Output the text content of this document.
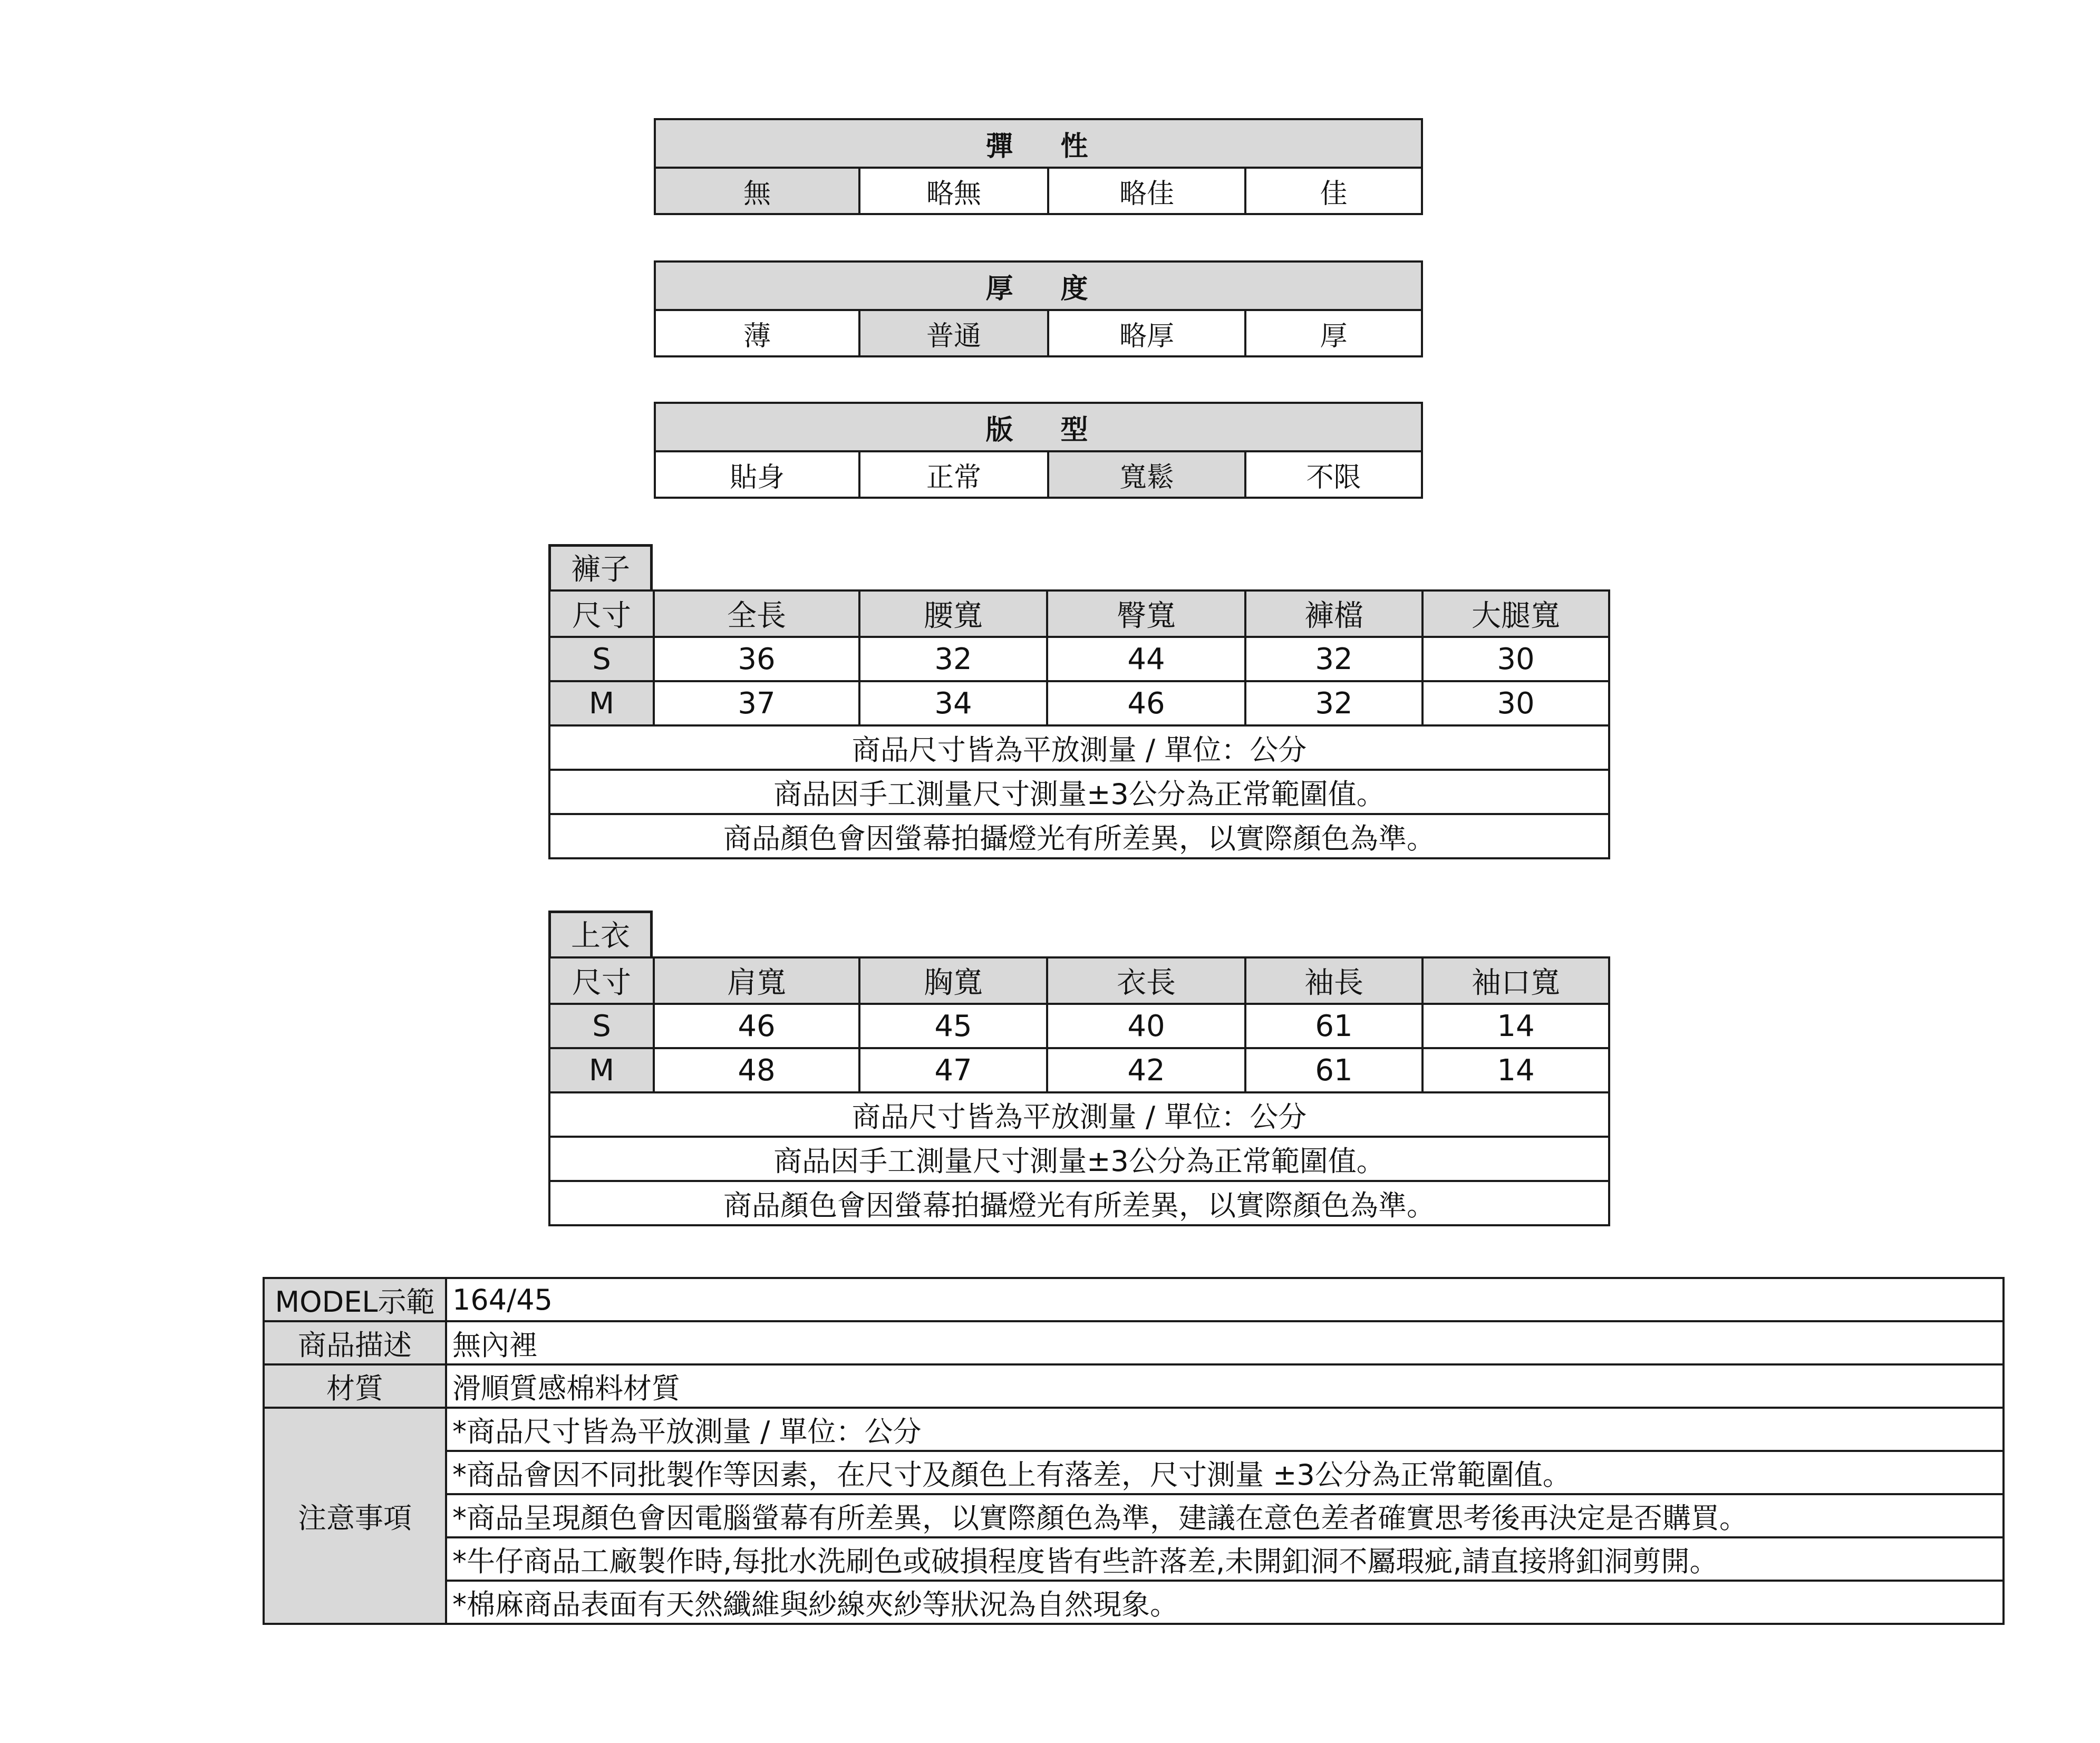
彈 性
無	略無	略佳	佳
厚 度
薄	普通	略厚	厚
版 型
貼身	正常	寬鬆	不限
褲子
尺寸	全長	腰寬	臀寬	褲檔	大腿寬
S	36	32	44	32	30
M	37	34	46	32	30
商品尺寸皆為平放測量 / 單位：公分					
商品因手工測量尺寸測量±3公分為正常範圍值。					
商品顏色會因螢幕拍攝燈光有所差異，以實際顏色為準。					
上衣
尺寸	肩寬	胸寬	衣長	袖長	袖口寬
S	46	45	40	61	14
M	48	47	42	61	14
商品尺寸皆為平放測量 / 單位：公分					
商品因手工測量尺寸測量±3公分為正常範圍值。					
商品顏色會因螢幕拍攝燈光有所差異，以實際顏色為準。					
MODEL示範	164/45
商品描述	無內裡
材質	滑順質感棉料材質
注意事項	*商品尺寸皆為平放測量 / 單位：公分
	*商品會因不同批製作等因素，在尺寸及顏色上有落差，尺寸測量 ±3公分為正常範圍值。
	*商品呈現顏色會因電腦螢幕有所差異，以實際顏色為準，建議在意色差者確實思考後再決定是否購買。
	*牛仔商品工廠製作時,每批水洗刷色或破損程度皆有些許落差,未開釦洞不屬瑕疵,請直接將釦洞剪開。
	*棉麻商品表面有天然纖維與紗線夾紗等狀況為自然現象。
